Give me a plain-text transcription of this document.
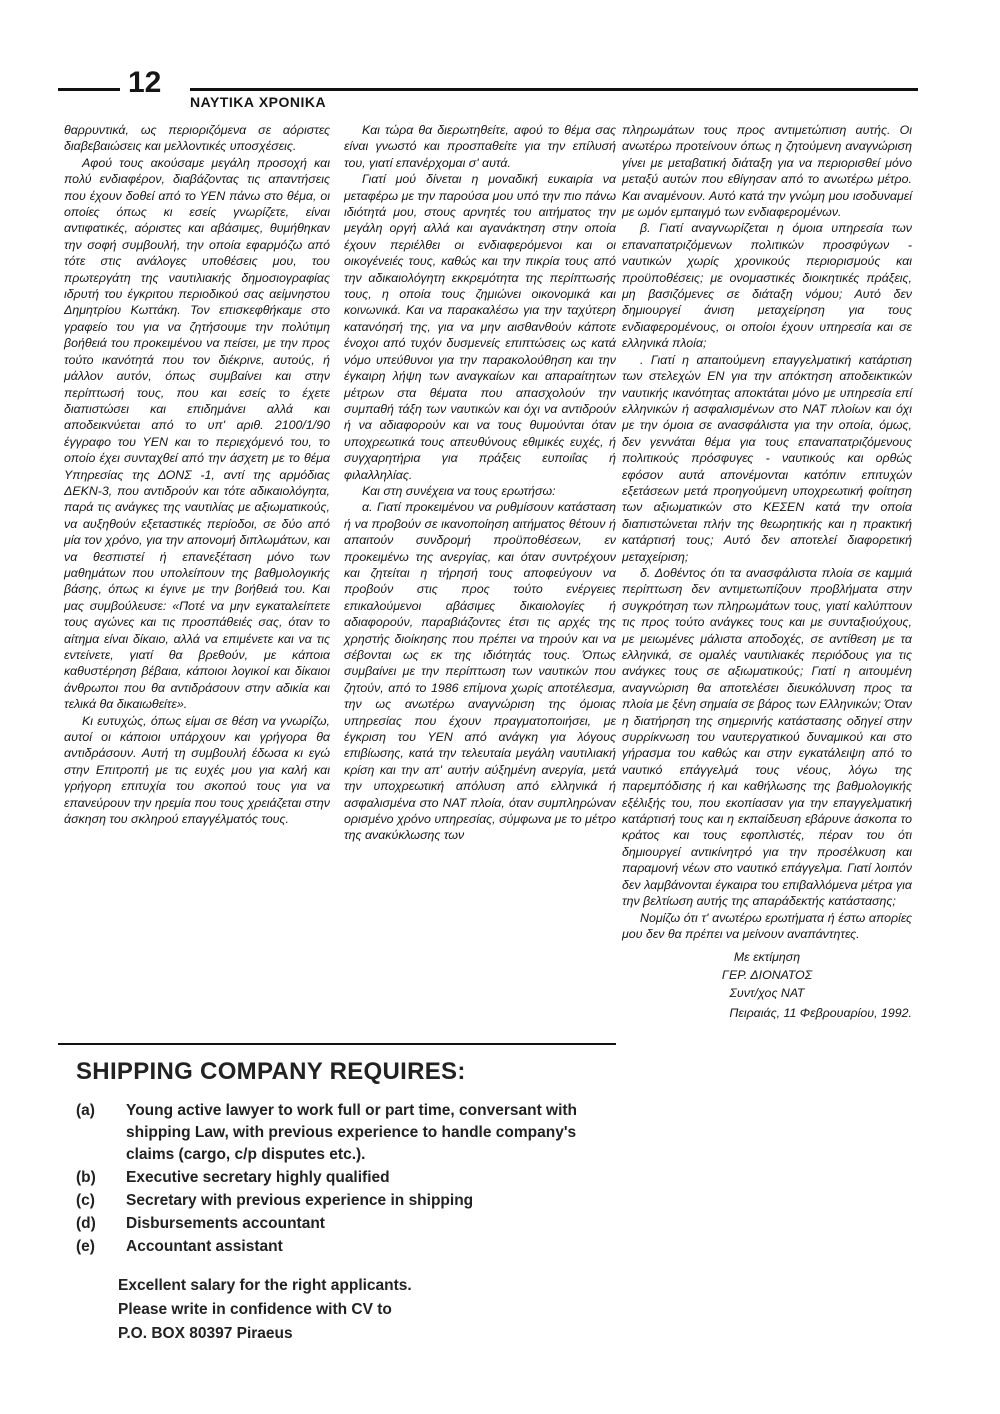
12
ΝΑΥΤΙΚΑ ΧΡΟΝΙΚΑ

θαρρυντικά, ως περιοριζόμενα σε αόριστες διαβεβαιώσεις και μελλοντικές υποσχέσεις.

Αφού τους ακούσαμε μεγάλη προσοχή και πολύ ενδιαφέρον, διαβάζοντας τις απαντήσεις που έχουν δοθεί από το ΥΕΝ πάνω στο θέμα, οι οποίες όπως κι εσείς γνωρίζετε, είναι αντιφατικές, αόριστες και αβάσιμες, θυμήθηκαν την σοφή συμβουλή, την οποία εφαρμόζω από τότε στις ανάλογες υποθέσεις μου, του πρωτεργάτη της ναυτιλιακής δημοσιογραφίας ιδρυτή του έγκριτου περιοδικού σας αείμνηστου Δημητρίου Κωττάκη. Τον επισκεφθήκαμε στο γραφείο του για να ζητήσουμε την πολύτιμη βοήθειά του προκειμένου να πείσει, με την προς τούτο ικανότητά που τον διέκρινε, αυτούς, ή μάλλον αυτόν, όπως συμβαίνει και στην περίπτωσή τους, που και εσείς το έχετε διαπιστώσει και επιδημάνει αλλά και αποδεικνύεται από το υπ' αριθ. 2100/1/90 έγγραφο του ΥΕΝ και το περιεχόμενό του, το οποίο έχει συνταχθεί από την άσχετη με το θέμα Υπηρεσίας της ΔΟΝΣ -1, αντί της αρμόδιας ΔΕΚΝ-3, που αντιδρούν και τότε αδικαιολόγητα, παρά τις ανάγκες της ναυτιλίας με αξιωματικούς, να αυξηθούν εξεταστικές περίοδοι, σε δύο από μία τον χρόνο, για την απονομή διπλωμάτων, και να θεσπιστεί ή επανεξέταση μόνο των μαθημάτων που υπολείπουν της βαθμολογικής βάσης, όπως κι έγινε με την βοήθειά του. Και μας συμβούλευσε: «Ποτέ να μην εγκαταλείπετε τους αγώνες και τις προσπάθειές σας, όταν το αίτημα είναι δίκαιο, αλλά να επιμένετε και να τις εντείνετε, γιατί θα βρεθούν, με κάποια καθυστέρηση βέβαια, κάποιοι λογικοί και δίκαιοι άνθρωποι που θα αντιδράσουν στην αδικία και τελικά θα δικαιωθείτε».

Κι ευτυχώς, όπως είμαι σε θέση να γνωρίζω, αυτοί οι κάποιοι υπάρχουν και γρήγορα θα αντιδράσουν. Αυτή τη συμβουλή έδωσα κι εγώ στην Επιτροπή με τις ευχές μου για καλή και γρήγορη επιτυχία του σκοπού τους για να επανεύρουν την ηρεμία που τους χρειάζεται στην άσκηση του σκληρού επαγγέλματός τους.

Και τώρα θα διερωτηθείτε, αφού το θέμα σας είναι γνωστό και προσπαθείτε για την επίλυσή του, γιατί επανέρχομαι σ' αυτά.

Γιατί μού δίνεται η μοναδική ευκαιρία να μεταφέρω με την παρούσα μου υπό την πιο πάνω ιδιότητά μου, στους αρνητές του αιτήματος την μεγάλη οργή αλλά και αγανάκτηση στην οποία έχουν περιέλθει οι ενδιαφερόμενοι και οι οικογένειές τους, καθώς και την πικρία τους από την αδικαιολόγητη εκκρεμότητα της περίπτωσής τους, η οποία τους ζημιώνει οικονομικά και κοινωνικά. Και να παρακαλέσω για την ταχύτερη κατανόησή της, για να μην αισθανθούν κάποτε ένοχοι από τυχόν δυσμενείς επιπτώσεις ως κατά νόμο υπεύθυνοι για την παρακολούθηση και την έγκαιρη λήψη των αναγκαίων και απαραίτητων μέτρων στα θέματα που απασχολούν την συμπαθή τάξη των ναυτικών και όχι να αντιδρούν ή να αδιαφορούν και να τους θυμούνται όταν υποχρεωτικά τους απευθύνους εθιμικές ευχές, ή συγχαρητήρια για πράξεις ευποιΐας ή φιλαλληλίας.

Και στη συνέχεια να τους ερωτήσω:

α. Γιατί προκειμένου να ρυθμίσουν κατάσταση ή να προβούν σε ικανοποίηση αιτήματος θέτουν ή απαιτούν συνδρομή προϋποθέσεων, εν προκειμένω της ανεργίας, και όταν συντρέχουν και ζητείται η τήρησή τους αποφεύγουν να προβούν στις προς τούτο ενέργειες επικαλούμενοι αβάσιμες δικαιολογίες ή αδιαφορούν, παραβιάζοντες έτσι τις αρχές της χρηστής διοίκησης που πρέπει να τηρούν και να σέβονται ως εκ της ιδιότητάς τους. Όπως συμβαίνει με την περίπτωση των ναυτικών που ζητούν, από το 1986 επίμονα χωρίς αποτέλεσμα, την ως ανωτέρω αναγνώριση της όμοιας υπηρεσίας που έχουν πραγματοποιήσει, με έγκριση του ΥΕΝ από ανάγκη για λόγους επιβίωσης, κατά την τελευταία μεγάλη ναυτιλιακή κρίση και την απ' αυτήν αύξημένη ανεργία, μετά την υποχρεωτική απόλυση από ελληνικά ή ασφαλισμένα στο ΝΑΤ πλοία, όταν συμπληρώναν ορισμένο χρόνο υπηρεσίας, σύμφωνα με το μέτρο της ανακύκλωσης των

πληρωμάτων τους προς αντιμετώπιση αυτής. Οι ανωτέρω προτείνουν όπως η ζητούμενη αναγνώριση γίνει με μεταβατική διάταξη για να περιορισθεί μόνο μεταξύ αυτών που εθίγησαν από το ανωτέρω μέτρο. Και αναμένουν. Αυτό κατά την γνώμη μου ισοδυναμεί με ωμόν εμπαιγμό των ενδιαφερομένων.

β. Γιατί αναγνωρίζεται η όμοια υπηρεσία των επαναπατριζόμενων πολιτικών προσφύγων - ναυτικών χωρίς χρονικούς περιορισμούς και προϋποθέσεις; με ονομαστικές διοικητικές πράξεις, μη βασιζόμενες σε διάταξη νόμου; Αυτό δεν δημιουργεί άνιση μεταχείρηση για τους ενδιαφερομένους, οι οποίοι έχουν υπηρεσία και σε ελληνικά πλοία;

. Γιατί η απαιτούμενη επαγγελματική κατάρτιση των στελεχών ΕΝ για την απόκτηση αποδεικτικών ναυτικής ικανότητας αποκτάται μόνο με υπηρεσία επί ελληνικών ή ασφαλισμένων στο ΝΑΤ πλοίων και όχι με την όμοια σε ανασφάλιστα για την οποία, όμως, δεν γεννάται θέμα για τους επαναπατριζόμενους πολιτικούς πρόσφυγες - ναυτικούς και ορθώς εφόσον αυτά απονέμονται κατόπιν επιτυχών εξετάσεων μετά προηγούμενη υποχρεωτική φοίτηση των αξιωματικών στο ΚΕΣΕΝ κατά την οποία διαπιστώνεται πλήν της θεωρητικής και η πρακτική κατάρτισή τους; Αυτό δεν αποτελεί διαφορετική μεταχείριση;

δ. Δοθέντος ότι τα ανασφάλιστα πλοία σε καμμιά περίπτωση δεν αντιμετωπίζουν προβλήματα στην συγκρότηση των πληρωμάτων τους, γιατί καλύπτουν τις προς τούτο ανάγκες τους και με συνταξιούχους, με μειωμένες μάλιστα αποδοχές, σε αντίθεση με τα ελληνικά, σε ομαλές ναυτιλιακές περιόδους για τις ανάγκες τους σε αξιωματικούς; Γιατί η αιτουμένη αναγνώριση θα αποτελέσει διευκόλυνση προς τα πλοία με ξένη σημαία σε βάρος των Ελληνικών; Όταν η διατήρηση της σημερινής κατάστασης οδηγεί στην συρρίκνωση του ναυτεργατικού δυναμικού και στο γήρασμα του καθώς και στην εγκατάλειψη από το ναυτικό επάγγελμά τους νέους, λόγω της παρεμπόδισης ή και καθήλωσης της βαθμολογικής εξέλιξής του, που εκοπίασαν για την επαγγελματική κατάρτισή τους και η εκπαίδευση εβάρυνε άσκοπα το κράτος και τους εφοπλιστές, πέραν του ότι δημιουργεί αντικίνητρό για την προσέλκυση και παραμονή νέων στο ναυτικό επάγγελμα. Γιατί λοιπόν δεν λαμβάνονται έγκαιρα του επιβαλλόμενα μέτρα για την βελτίωση αυτής της απαράδεκτής κατάστασης;

Νομίζω ότι τ' ανωτέρω ερωτήματα ή έστω απορίες μου δεν θα πρέπει να μείνουν αναπάντητες.

Με εκτίμηση
ΓΕΡ. ΔΙΟΝΑΤΟΣ
Συντ/χος ΝΑΤ
Πειραιάς, 11 Φεβρουαρίου, 1992.
SHIPPING COMPANY REQUIRES:
(a)	Young active lawyer to work full or part time, conversant with shipping Law, with previous experience to handle company's claims (cargo, c/p disputes etc.).
(b)	Executive secretary highly qualified
(c)	Secretary with previous experience in shipping
(d)	Disbursements accountant
(e)	Accountant assistant
Excellent salary for the right applicants.
Please write in confidence with CV to
P.O. BOX 80397 Piraeus
